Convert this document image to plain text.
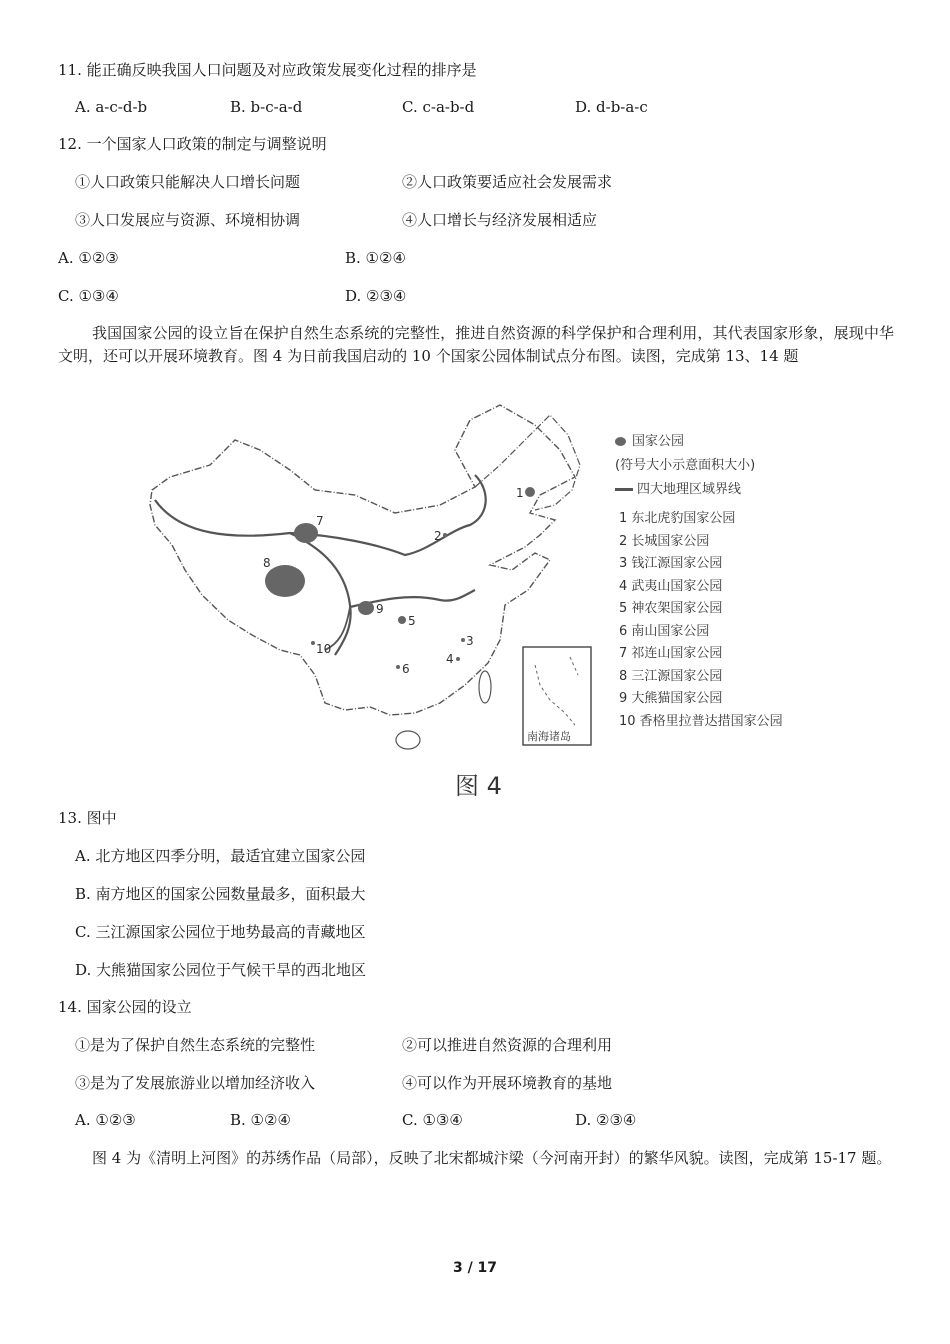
11. 能正确反映我国人口问题及对应政策发展变化过程的排序是
A. a-c-d-b	B. b-c-a-d	C. c-a-b-d	D. d-b-a-c
12. 一个国家人口政策的制定与调整说明
①人口政策只能解决人口增长问题	②人口政策要适应社会发展需求
③人口发展应与资源、环境相协调	④人口增长与经济发展相适应
A. ①②③	B. ①②④
C. ①③④	D. ②③④
我国国家公园的设立旨在保护自然生态系统的完整性，推进自然资源的科学保护和合理利用，其代表国家形象，展现中华文明，还可以开展环境教育。图 4 为日前我国启动的 10 个国家公园体制试点分布图。读图，完成第 13、14 题
南海诸岛
1
2
3
4
5
6
7
8
9
10
国家公园
(符号大小示意面积大小)
四大地理区域界线
1 东北虎豹国家公园
2 长城国家公园
3 钱江源国家公园
4 武夷山国家公园
5 神农架国家公园
6 南山国家公园
7 祁连山国家公园
8 三江源国家公园
9 大熊猫国家公园
10 香格里拉普达措国家公园
图 4
13. 图中
A. 北方地区四季分明，最适宜建立国家公园
B. 南方地区的国家公园数量最多，面积最大
C. 三江源国家公园位于地势最高的青藏地区
D. 大熊猫国家公园位于气候干旱的西北地区
14. 国家公园的设立
①是为了保护自然生态系统的完整性	②可以推进自然资源的合理利用
③是为了发展旅游业以增加经济收入	④可以作为开展环境教育的基地
A. ①②③	B. ①②④	C. ①③④	D. ②③④
图 4 为《清明上河图》的苏绣作品（局部），反映了北宋都城汴梁（今河南开封）的繁华风貌。读图，完成第 15-17 题。
3 / 17
